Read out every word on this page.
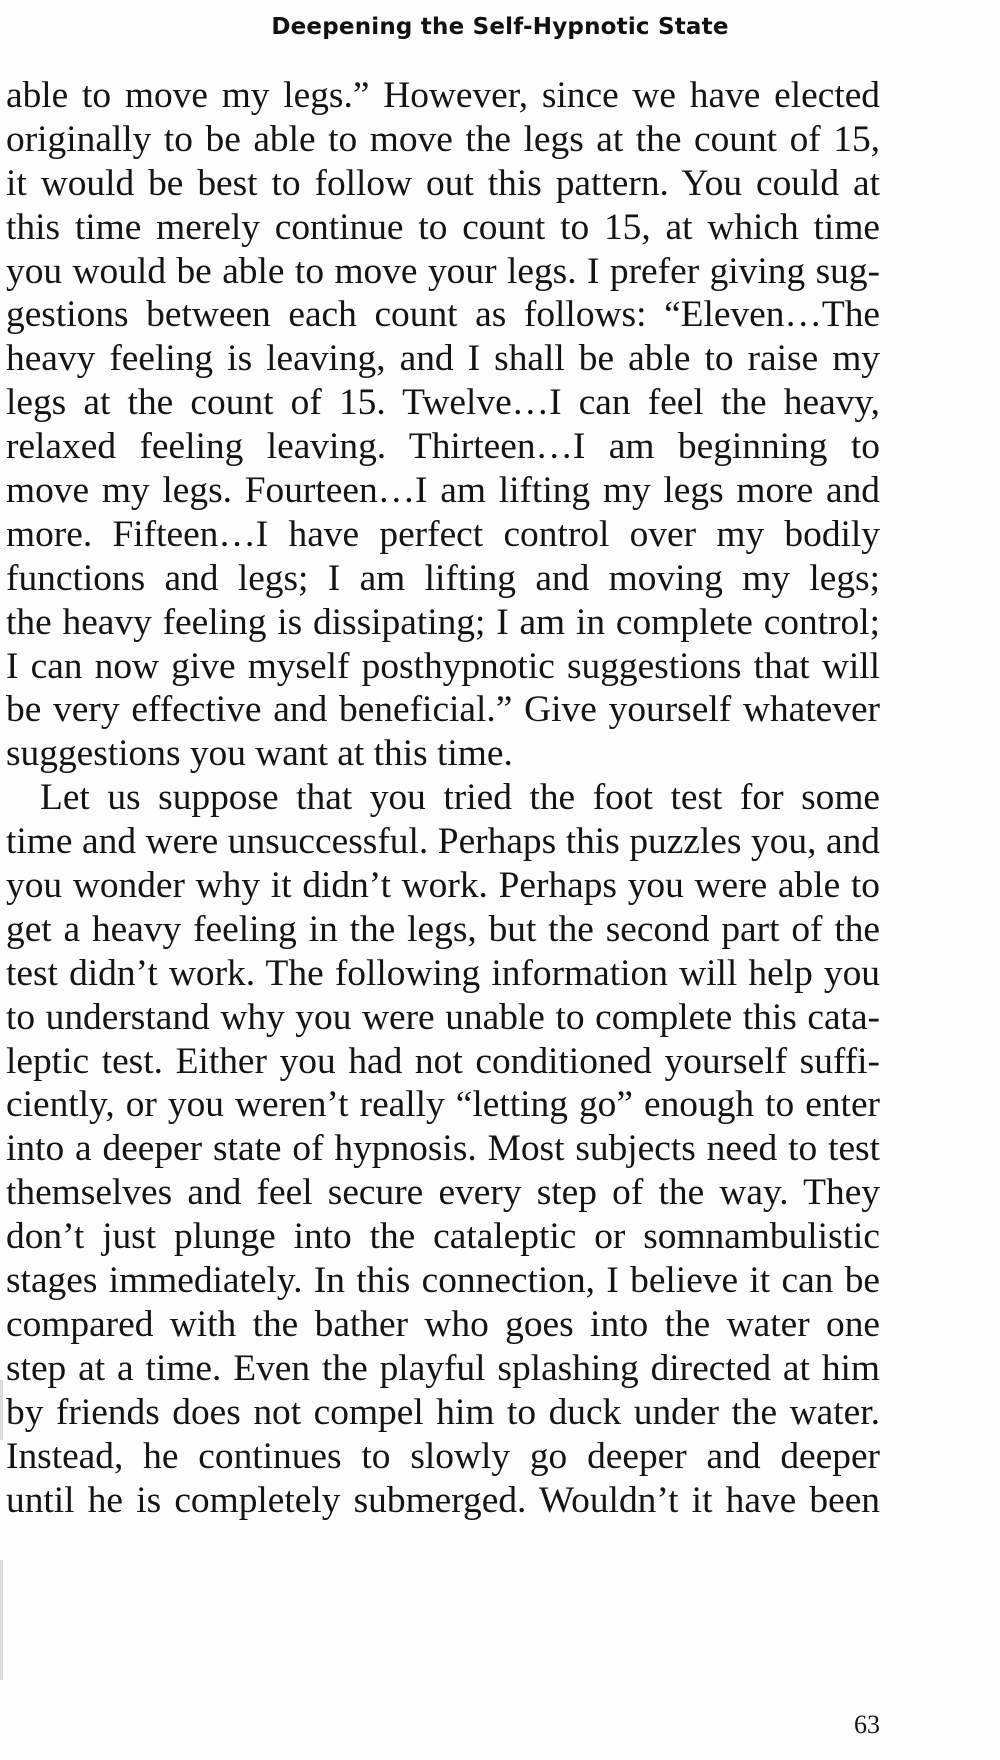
Deepening the Self-Hypnotic State
able to move my legs.” However, since we have elected
originally to be able to move the legs at the count of 15,
it would be best to follow out this pattern. You could at
this time merely continue to count to 15, at which time
you would be able to move your legs. I prefer giving sug-
gestions between each count as follows: “Eleven…The
heavy feeling is leaving, and I shall be able to raise my
legs at the count of 15. Twelve…I can feel the heavy,
relaxed feeling leaving. Thirteen…I am beginning to
move my legs. Fourteen…I am lifting my legs more and
more. Fifteen…I have perfect control over my bodily
functions and legs; I am lifting and moving my legs;
the heavy feeling is dissipating; I am in complete control;
I can now give myself posthypnotic suggestions that will
be very effective and beneficial.” Give yourself whatever
suggestions you want at this time.
Let us suppose that you tried the foot test for some
time and were unsuccessful. Perhaps this puzzles you, and
you wonder why it didn’t work. Perhaps you were able to
get a heavy feeling in the legs, but the second part of the
test didn’t work. The following information will help you
to understand why you were unable to complete this cata-
leptic test. Either you had not conditioned yourself suffi-
ciently, or you weren’t really “letting go” enough to enter
into a deeper state of hypnosis. Most subjects need to test
themselves and feel secure every step of the way. They
don’t just plunge into the cataleptic or somnambulistic
stages immediately. In this connection, I believe it can be
compared with the bather who goes into the water one
step at a time. Even the playful splashing directed at him
by friends does not compel him to duck under the water.
Instead, he continues to slowly go deeper and deeper
until he is completely submerged. Wouldn’t it have been
63
